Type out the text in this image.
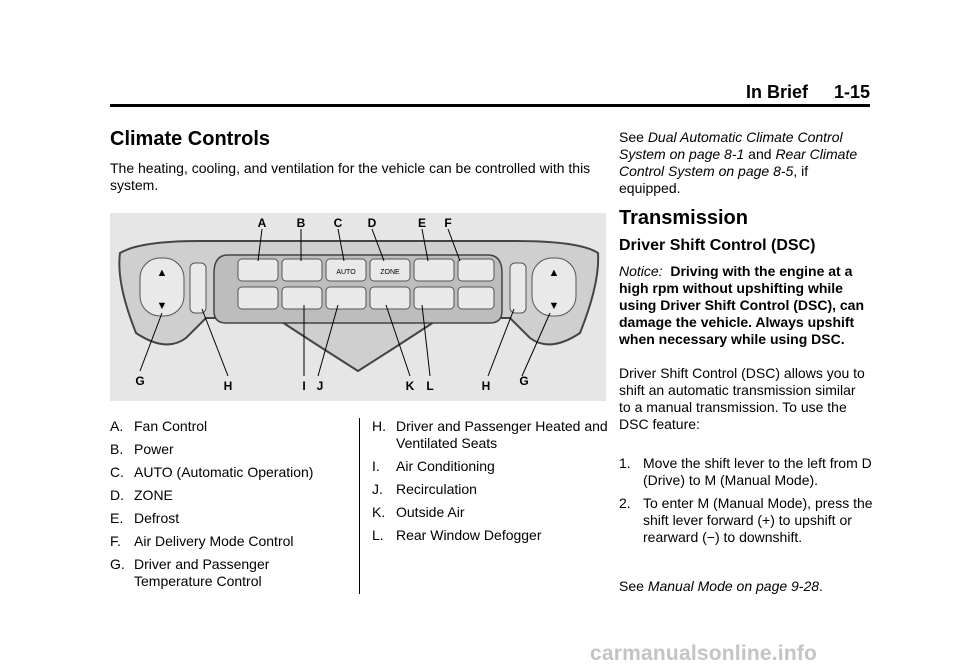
In Brief 1-15
Climate Controls
The heating, cooling, and ventilation for the vehicle can be controlled with this system.
AUTO	ZONE
▲
▼
▲
▼
A	B C D	E F
G	H	I J	K L	H G
A. Fan Control
B. Power
C. AUTO (Automatic Operation)
D. ZONE
E. Defrost
F. Air Delivery Mode Control
G. Driver and Passenger Temperature Control
H. Driver and Passenger Heated and Ventilated Seats
I. Air Conditioning
J. Recirculation
K. Outside Air
L. Rear Window Defogger
See Dual Automatic Climate Control System on page 8-1 and Rear Climate Control System on page 8-5, if equipped.
Transmission
Driver Shift Control (DSC)
Notice: Driving with the engine at a high rpm without upshifting while using Driver Shift Control (DSC), can damage the vehicle. Always upshift when necessary while using DSC.
Driver Shift Control (DSC) allows you to shift an automatic transmission similar to a manual transmission. To use the DSC feature:
1. Move the shift lever to the left from D (Drive) to M (Manual Mode).
2. To enter M (Manual Mode), press the shift lever forward (+) to upshift or rearward (−) to downshift.
See Manual Mode on page 9-28.
carmanualsonline.info
